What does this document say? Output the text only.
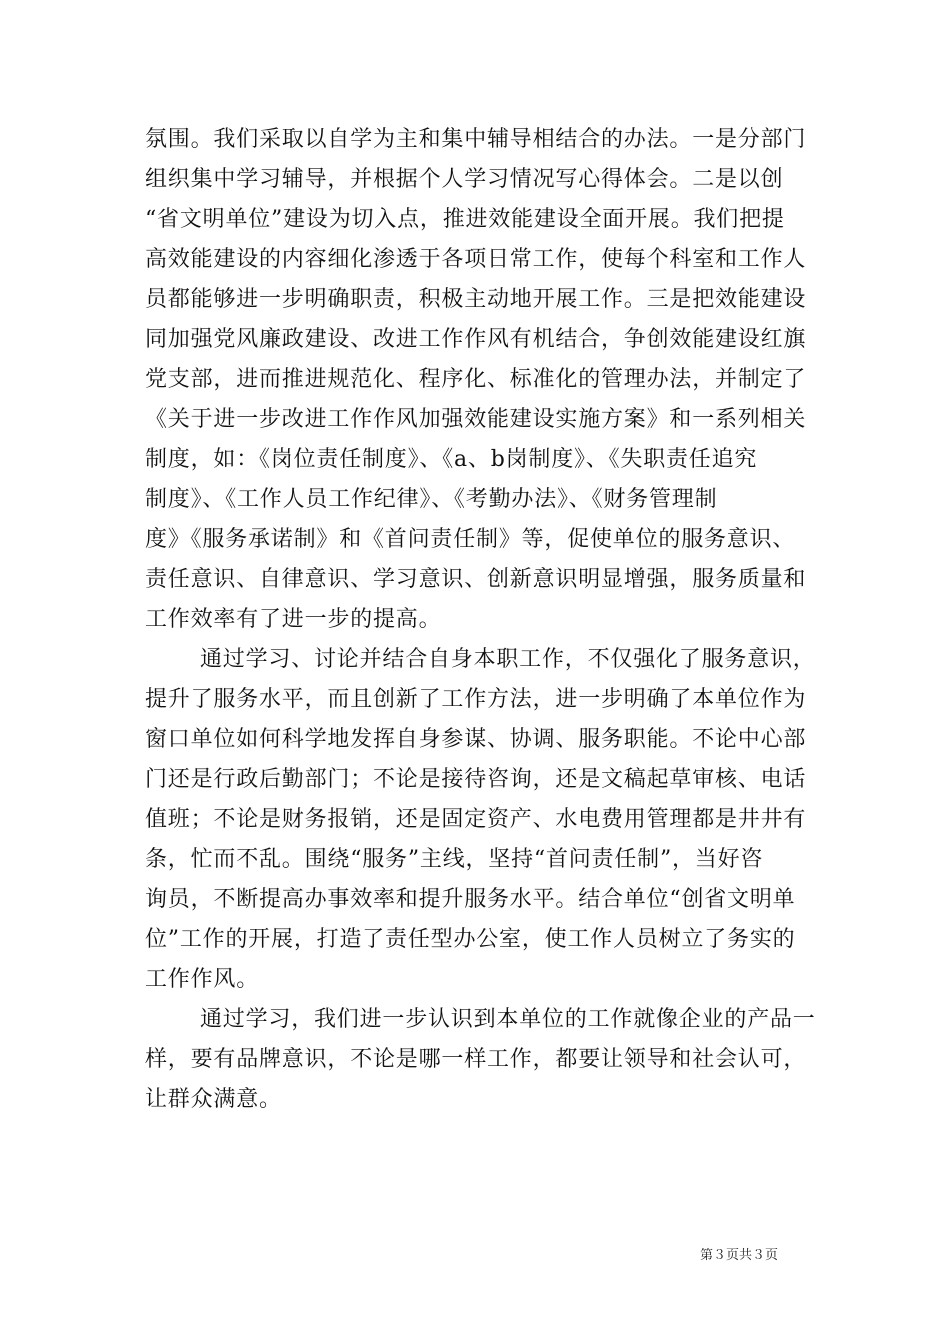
氛围。我们采取以自学为主和集中辅导相结合的办法。一是分部门
组织集中学习辅导，并根据个人学习情况写心得体会。二是以创
“省文明单位”建设为切入点，推进效能建设全面开展。我们把提
高效能建设的内容细化渗透于各项日常工作，使每个科室和工作人
员都能够进一步明确职责，积极主动地开展工作。三是把效能建设
同加强党风廉政建设、改进工作作风有机结合，争创效能建设红旗
党支部，进而推进规范化、程序化、标准化的管理办法，并制定了
《关于进一步改进工作作风加强效能建设实施方案》和一系列相关
制度，如：《岗位责任制度》、《a、b岗制度》、《失职责任追究
制度》、《工作人员工作纪律》、《考勤办法》、《财务管理制
度》《服务承诺制》和《首问责任制》等，促使单位的服务意识、
责任意识、自律意识、学习意识、创新意识明显增强，服务质量和
工作效率有了进一步的提高。
通过学习、讨论并结合自身本职工作，不仅强化了服务意识，
提升了服务水平，而且创新了工作方法，进一步明确了本单位作为
窗口单位如何科学地发挥自身参谋、协调、服务职能。不论中心部
门还是行政后勤部门；不论是接待咨询，还是文稿起草审核、电话
值班；不论是财务报销，还是固定资产、水电费用管理都是井井有
条，忙而不乱。围绕“服务”主线，坚持“首问责任制”，当好咨
询员，不断提高办事效率和提升服务水平。结合单位“创省文明单
位”工作的开展，打造了责任型办公室，使工作人员树立了务实的
工作作风。
通过学习，我们进一步认识到本单位的工作就像企业的产品一
样，要有品牌意识，不论是哪一样工作，都要让领导和社会认可，
让群众满意。
第３页共３页
